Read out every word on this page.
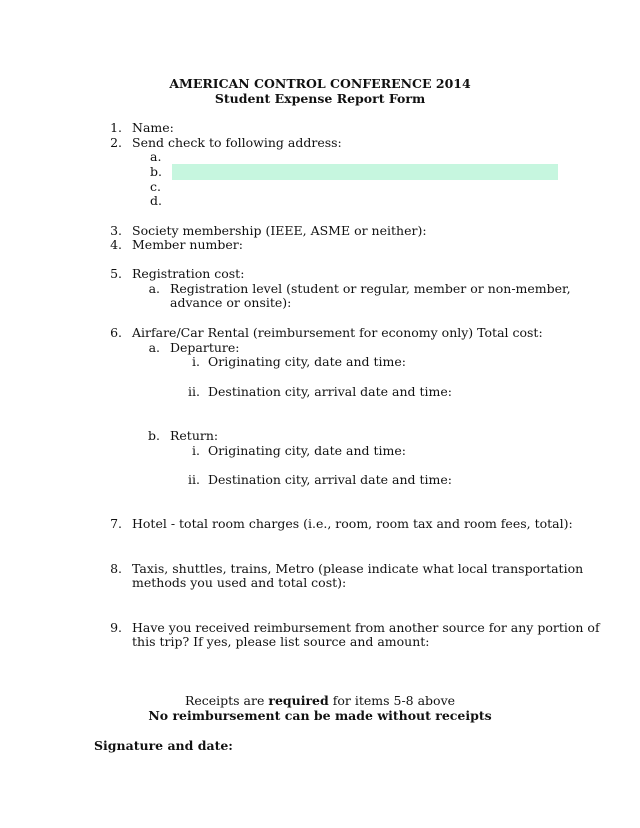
AMERICAN CONTROL CONFERENCE 2014
Student Expense Report Form
1. Name:
2. Send check to following address:
a.
b.
c.
d.
3. Society membership (IEEE, ASME or neither):
4. Member number:
5. Registration cost:
a. Registration level (student or regular, member or non-member,
advance or onsite):
6. Airfare/Car Rental (reimbursement for economy only) Total cost:
a. Departure:
i. Originating city, date and time:
ii. Destination city, arrival date and time:
b. Return:
i. Originating city, date and time:
ii. Destination city, arrival date and time:
7. Hotel - total room charges (i.e., room, room tax and room fees, total):
8. Taxis, shuttles, trains, Metro (please indicate what local transportation
methods you used and total cost):
9. Have you received reimbursement from another source for any portion of
this trip? If yes, please list source and amount:
Receipts are required for items 5-8 above
No reimbursement can be made without receipts
Signature and date:
